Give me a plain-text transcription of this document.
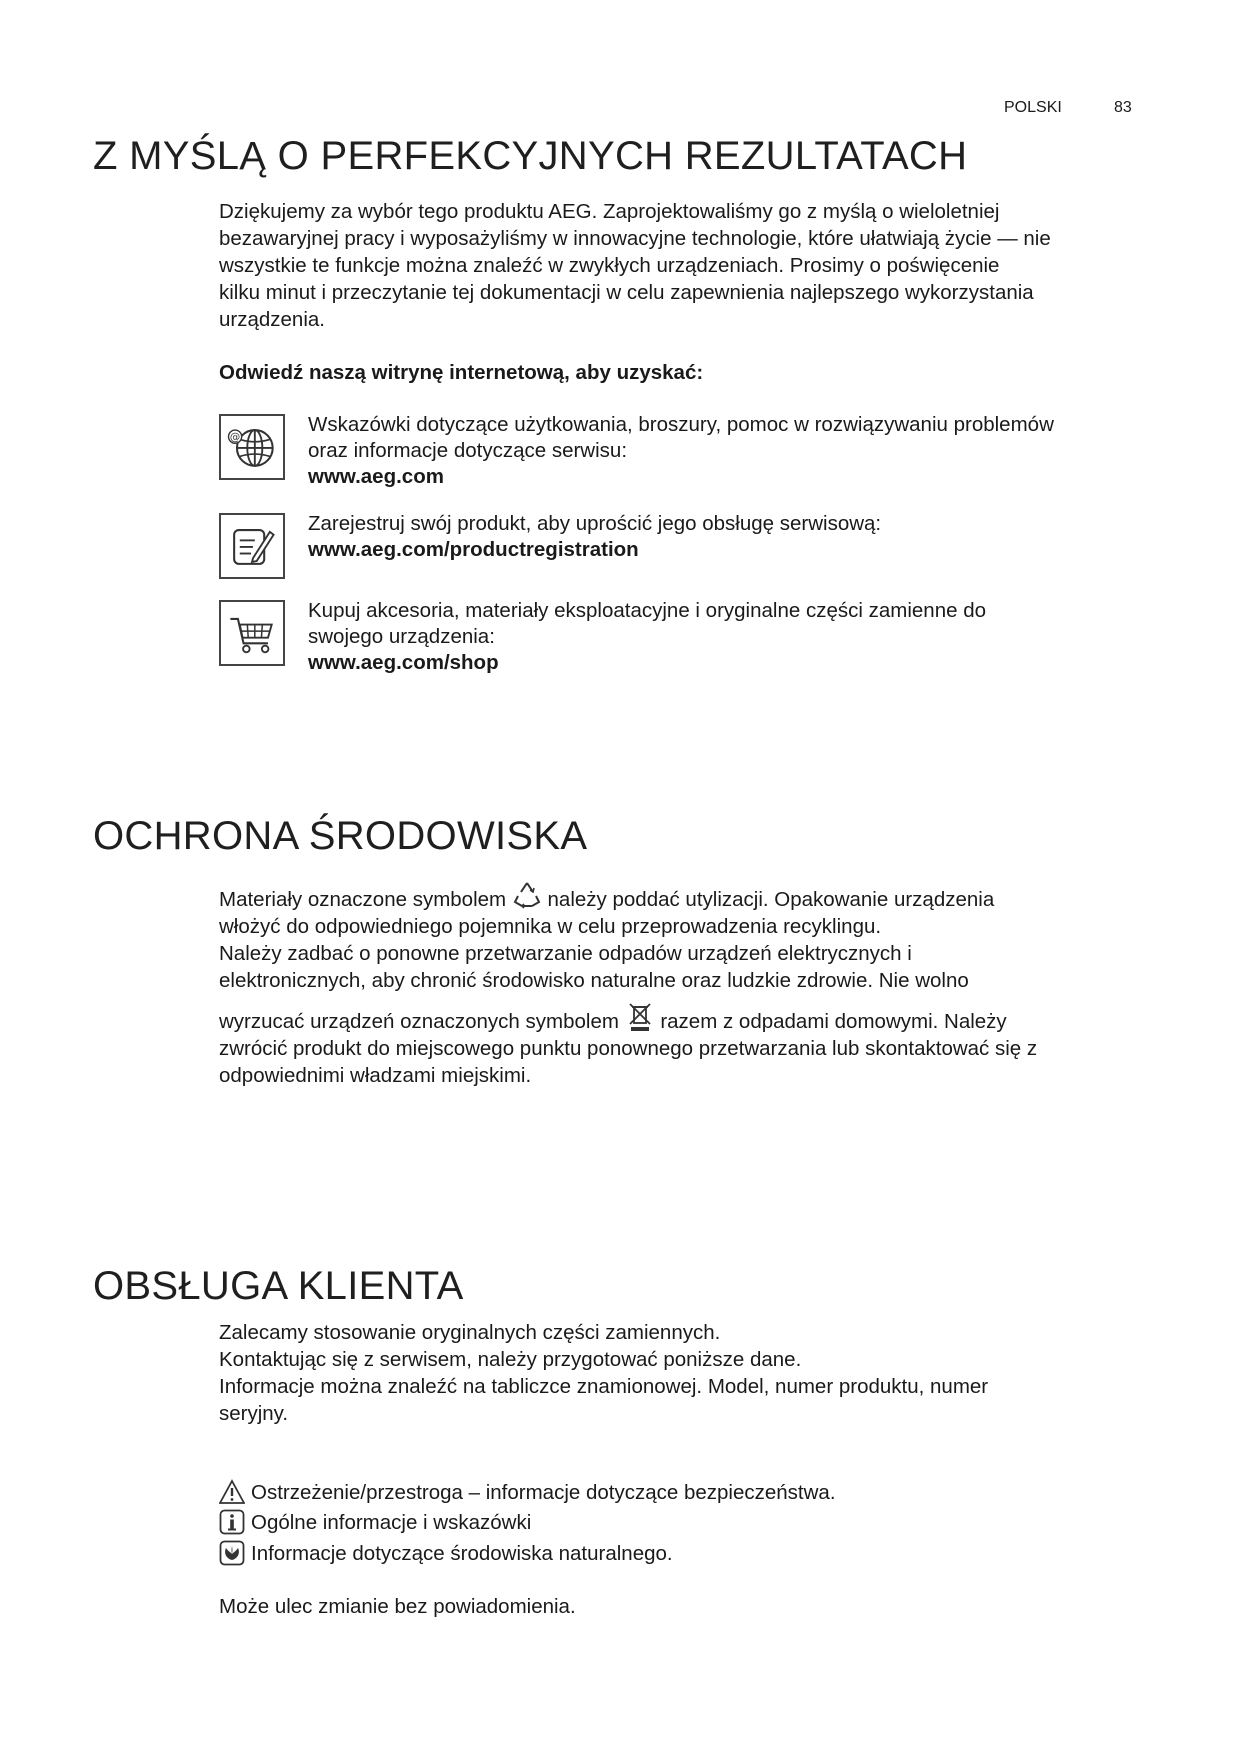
POLSKI	83
Z MYŚLĄ O PERFEKCYJNYCH REZULTATACH

Dziękujemy za wybór tego produktu AEG. Zaprojektowaliśmy go z myślą o wieloletniej

bezawaryjnej pracy i wyposażyliśmy w innowacyjne technologie, które ułatwiają życie — nie

wszystkie te funkcje można znaleźć w zwykłych urządzeniach. Prosimy o poświęcenie

kilku minut i przeczytanie tej dokumentacji w celu zapewnienia najlepszego wykorzystania

urządzenia.

Odwiedź naszą witrynę internetową, aby uzyskać:
@
Wskazówki dotyczące użytkowania, broszury, pomoc w rozwiązywaniu problemów
oraz informacje dotyczące serwisu:
www.aeg.com
Zarejestruj swój produkt, aby uprościć jego obsługę serwisową:
www.aeg.com/productregistration
Kupuj akcesoria, materiały eksploatacyjne i oryginalne części zamienne do
swojego urządzenia:
www.aeg.com/shop
OCHRONA ŚRODOWISKA

Materiały oznaczone symbolem należy poddać utylizacji. Opakowanie urządzenia

włożyć do odpowiedniego pojemnika w celu przeprowadzenia recyklingu.

Należy zadbać o ponowne przetwarzanie odpadów urządzeń elektrycznych i

elektronicznych, aby chronić środowisko naturalne oraz ludzkie zdrowie. Nie wolno

wyrzucać urządzeń oznaczonych symbolem razem z odpadami domowymi. Należy

zwrócić produkt do miejscowego punktu ponownego przetwarzania lub skontaktować się z

odpowiednimi władzami miejskimi.

OBSŁUGA KLIENTA

Zalecamy stosowanie oryginalnych części zamiennych.

Kontaktując się z serwisem, należy przygotować poniższe dane.

Informacje można znaleźć na tabliczce znamionowej. Model, numer produktu, numer

seryjny.

Ostrzeżenie/przestroga – informacje dotyczące bezpieczeństwa.
Ogólne informacje i wskazówki
Informacje dotyczące środowiska naturalnego.
Może ulec zmianie bez powiadomienia.
